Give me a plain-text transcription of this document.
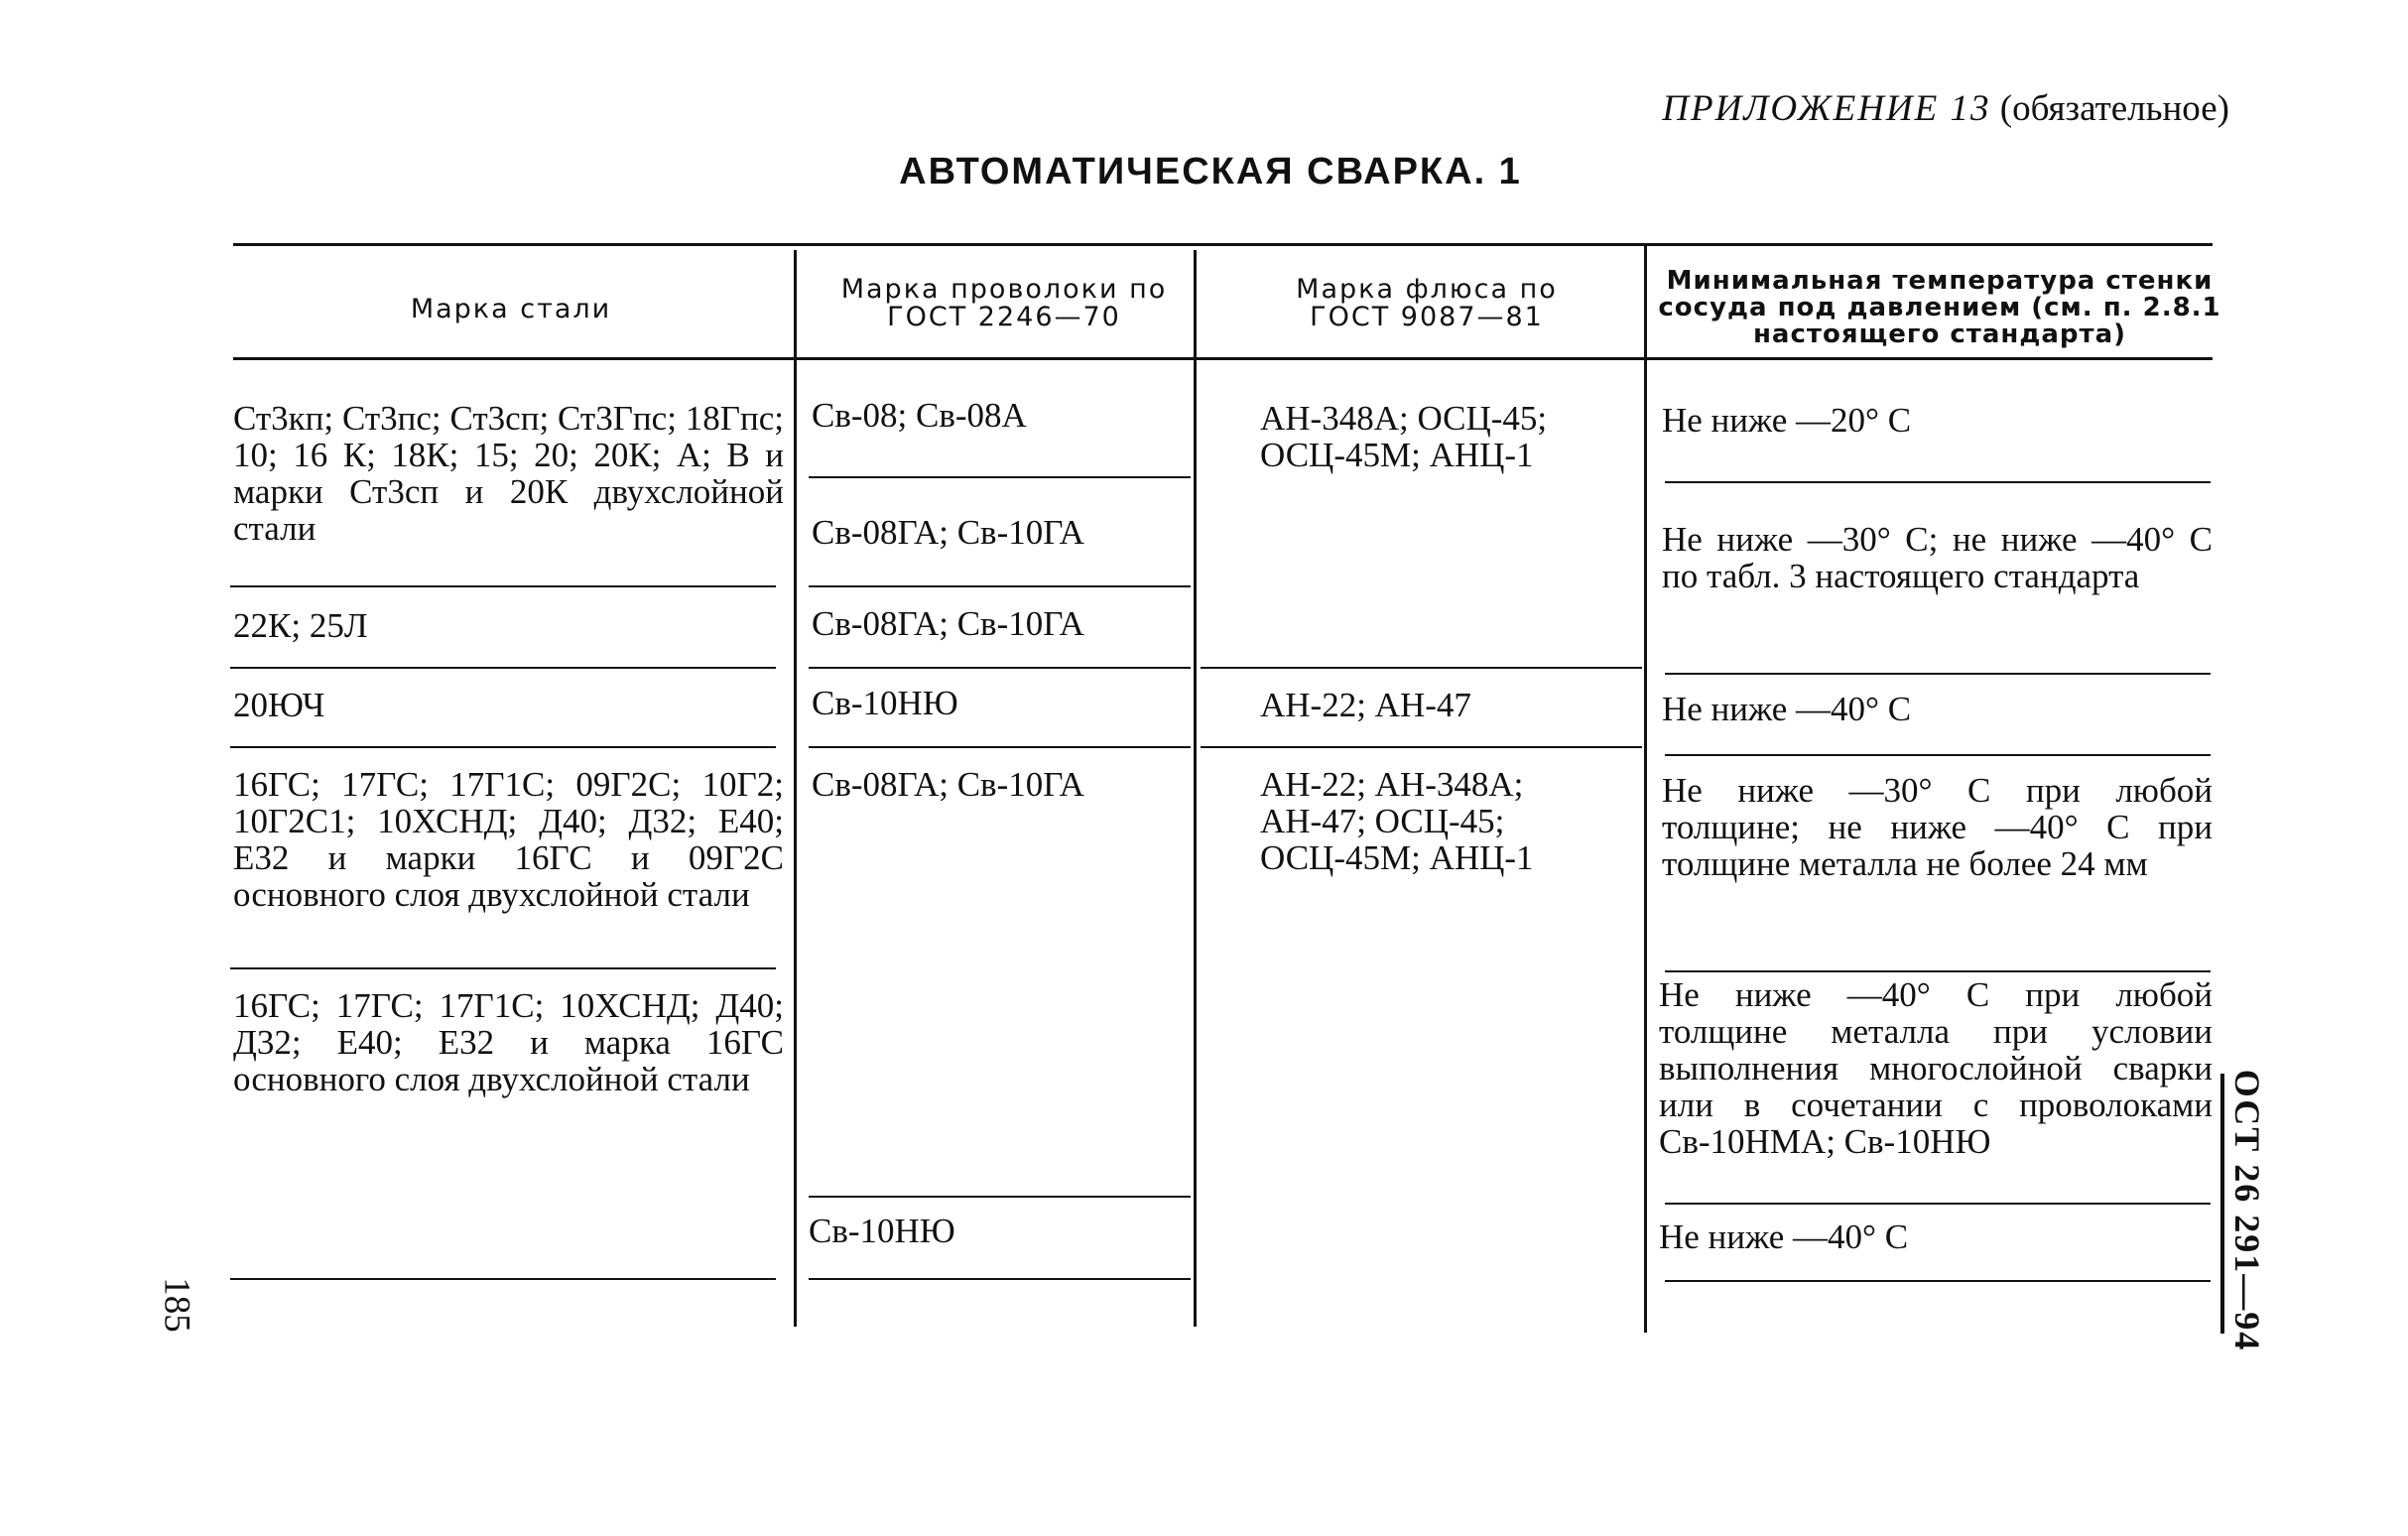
ПРИЛОЖЕНИЕ 13 (обязательное)
АВТОМАТИЧЕСКАЯ СВАРКА. 1
Марка стали
Марка проволоки по ГОСТ 2246—70
Марка флюса по ГОСТ 9087—81
Минимальная температура стенки сосуда под давлением (см. п. 2.8.1 настоящего стандарта)
Ст3кп; Ст3пс; Ст3сп; Ст3Гпс; 18Гпс; 10; 16 К; 18К; 15; 20; 20К; А; В и марки Ст3сп и 20К двухслойной стали
22К; 25Л
20ЮЧ
16ГС; 17ГС; 17Г1С; 09Г2С; 10Г2; 10Г2С1; 10ХСНД; Д40; Д32; Е40; Е32 и марки 16ГС и 09Г2С основного слоя двухслойной стали
16ГС; 17ГС; 17Г1С; 10ХСНД; Д40; Д32; Е40; Е32 и марка 16ГС основного слоя двухслойной стали
Св-08; Св-08А
Св-08ГА; Св-10ГА
Св-08ГА; Св-10ГА
Св-10НЮ
Св-08ГА; Св-10ГА
Св-10НЮ
АН-348А; ОСЦ-45; ОСЦ-45М; АНЦ-1
АН-22; АН-47
АН-22; АН-348А; АН-47; ОСЦ-45; ОСЦ-45М; АНЦ-1
Не ниже —20° С
Не ниже —30° С; не ниже —40° С по табл. 3 настоящего стандарта
Не ниже —40° С
Не ниже —30° С при любой толщине; не ниже —40° С при толщине металла не более 24 мм
Не ниже —40° С при любой толщине металла при условии выполнения многослойной сварки или в сочетании с проволоками Св-10НМА; Св-10НЮ
Не ниже —40° С	ОСТ 26 291—94
185
